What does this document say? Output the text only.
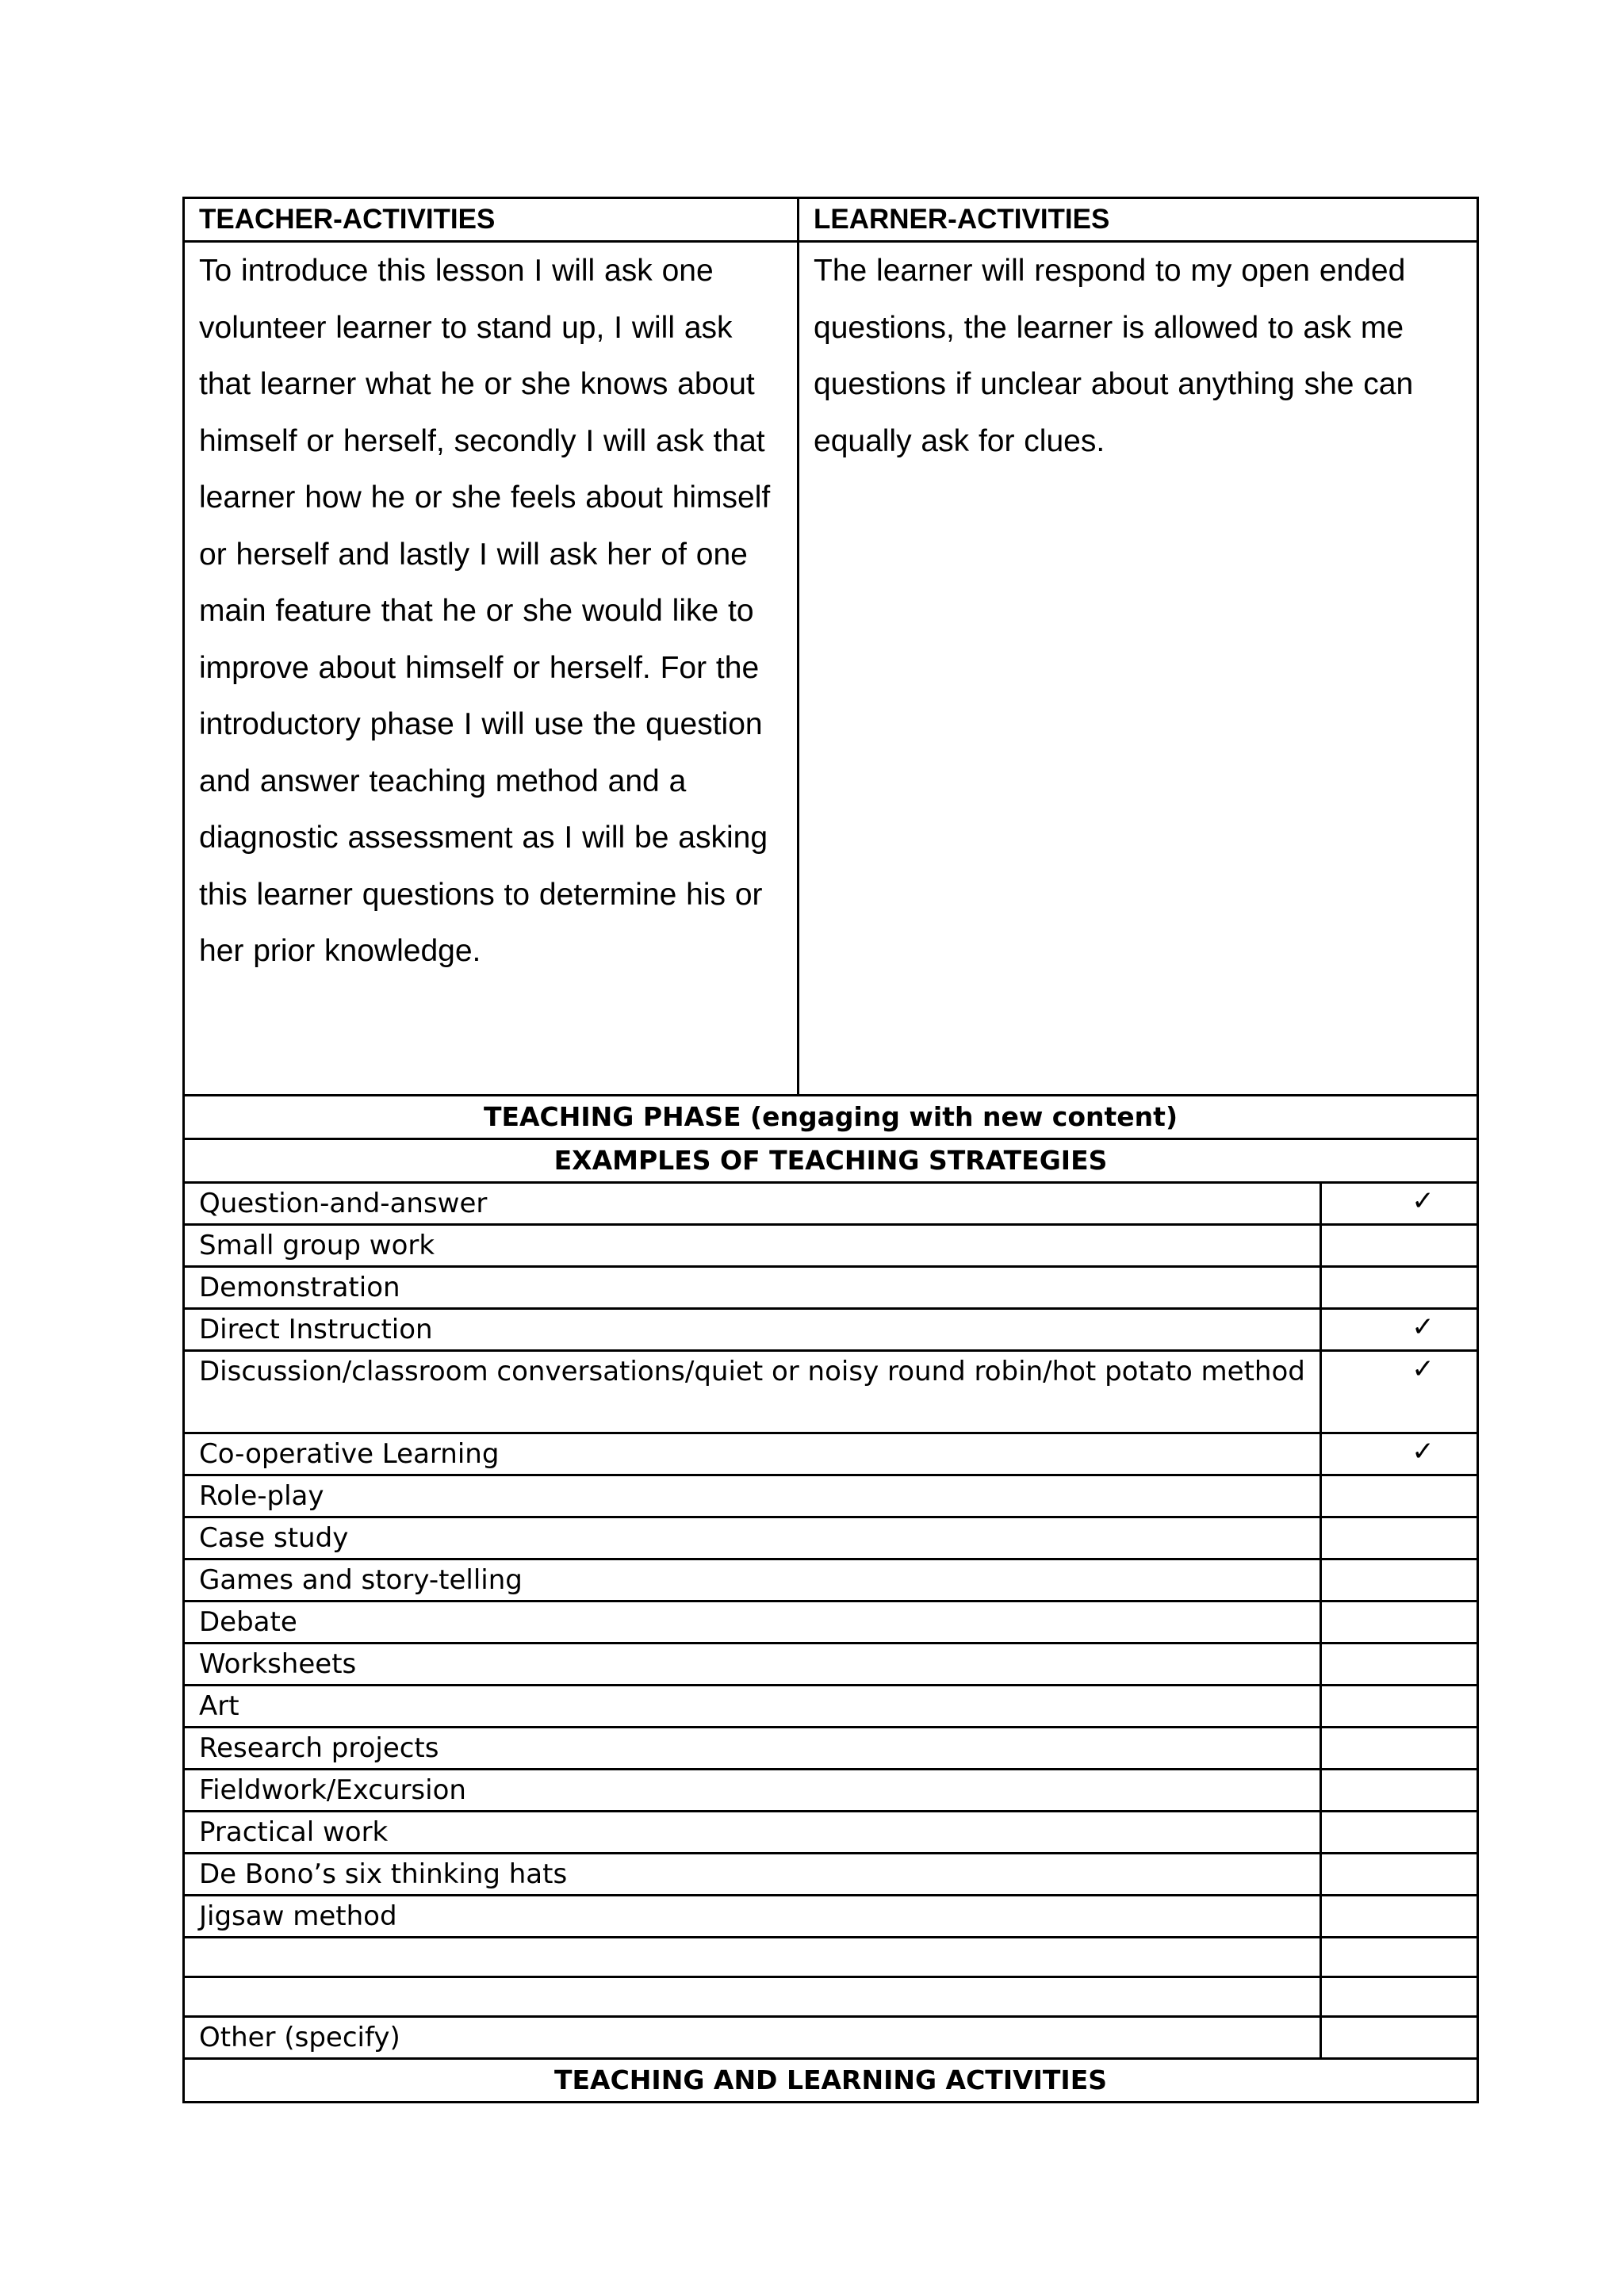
TEACHER-ACTIVITIES	LEARNER-ACTIVITIES
To introduce this lesson I will ask one volunteer learner to stand up, I will ask that learner what he or she knows about himself or herself, secondly I will ask that learner how he or she feels about himself or herself and lastly I will ask her of one main feature that he or she would like to improve about himself or herself. For the introductory phase I will use the question and answer teaching method and a diagnostic assessment as I will be asking this learner questions to determine his or her prior knowledge.	The learner will respond to my open ended questions, the learner is allowed to ask me questions if unclear about anything she can equally ask for clues.
TEACHING PHASE (engaging with new content)	
EXAMPLES OF TEACHING STRATEGIES	
Question-and-answer	✓
Small group work	
Demonstration	
Direct Instruction	✓
Discussion/classroom conversations/quiet or noisy round robin/hot potato method	✓
Co-operative Learning	✓
Role-play	
Case study	
Games and story-telling	
Debate	
Worksheets	
Art	
Research projects	
Fieldwork/Excursion	
Practical work	
De Bono’s six thinking hats	
Jigsaw method	

Other (specify)	
TEACHING AND LEARNING ACTIVITIES	
